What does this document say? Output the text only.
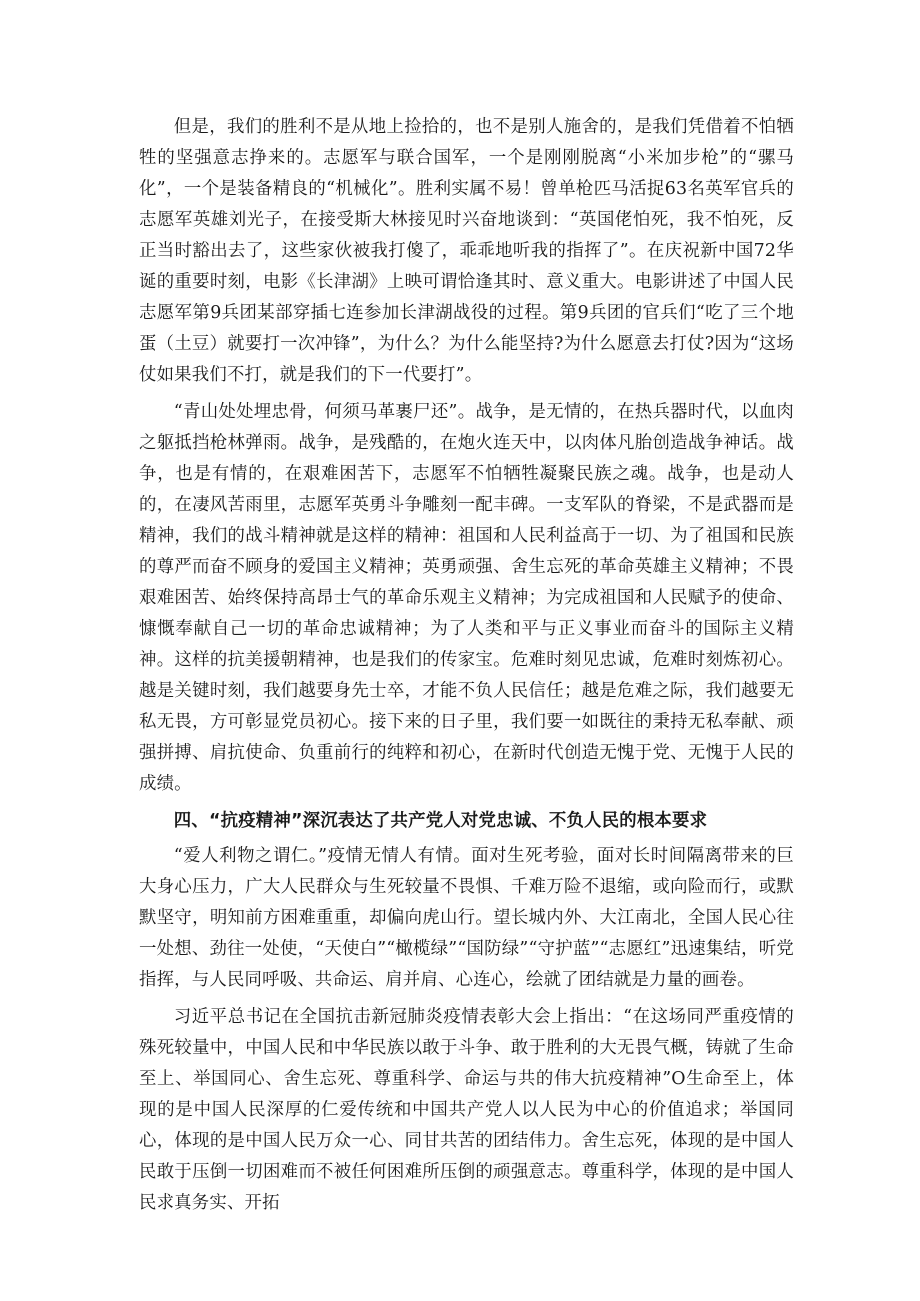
但是，我们的胜利不是从地上捡拾的，也不是别人施舍的，是我们凭借着不怕牺牲的坚强意志挣来的。志愿军与联合国军，一个是刚刚脱离“小米加步枪”的“骡马化”，一个是装备精良的“机械化”。胜利实属不易！曾单枪匹马活捉63名英军官兵的志愿军英雄刘光子，在接受斯大林接见时兴奋地谈到：“英国佬怕死，我不怕死，反正当时豁出去了，这些家伙被我打傻了，乖乖地听我的指挥了”。在庆祝新中国72华诞的重要时刻，电影《长津湖》上映可谓恰逢其时、意义重大。电影讲述了中国人民志愿军第9兵团某部穿插七连参加长津湖战役的过程。第9兵团的官兵们“吃了三个地蛋（土豆）就要打一次冲锋”，为什么？为什么能坚持?为什么愿意去打仗?因为“这场仗如果我们不打，就是我们的下一代要打”。

“青山处处埋忠骨，何须马革裹尸还”。战争，是无情的，在热兵器时代，以血肉之躯抵挡枪林弹雨。战争，是残酷的，在炮火连天中，以肉体凡胎创造战争神话。战争，也是有情的，在艰难困苦下，志愿军不怕牺牲凝聚民族之魂。战争，也是动人的，在凄风苦雨里，志愿军英勇斗争雕刻一配丰碑。一支军队的脊梁，不是武器而是精神，我们的战斗精神就是这样的精神：祖国和人民利益高于一切、为了祖国和民族的尊严而奋不顾身的爱国主义精神；英勇顽强、舍生忘死的革命英雄主义精神；不畏艰难困苦、始终保持高昂士气的革命乐观主义精神；为完成祖国和人民赋予的使命、慷慨奉献自己一切的革命忠诚精神；为了人类和平与正义事业而奋斗的国际主义精神。这样的抗美援朝精神，也是我们的传家宝。危难时刻见忠诚，危难时刻炼初心。越是关键时刻，我们越要身先士卒，才能不负人民信任；越是危难之际，我们越要无私无畏，方可彰显党员初心。接下来的日子里，我们要一如既往的秉持无私奉献、顽强拼搏、肩抗使命、负重前行的纯粹和初心，在新时代创造无愧于党、无愧于人民的成绩。

四、“抗疫精神”深沉表达了共产党人对党忠诚、不负人民的根本要求

“爱人利物之谓仁。”疫情无情人有情。面对生死考验，面对长时间隔离带来的巨大身心压力，广大人民群众与生死较量不畏惧、千难万险不退缩，或向险而行，或默默坚守，明知前方困难重重，却偏向虎山行。望长城内外、大江南北，全国人民心往一处想、劲往一处使，“天使白”“橄榄绿”“国防绿”“守护蓝”“志愿红”迅速集结，听党指挥，与人民同呼吸、共命运、肩并肩、心连心，绘就了团结就是力量的画卷。

习近平总书记在全国抗击新冠肺炎疫情表彰大会上指出：“在这场同严重疫情的殊死较量中，中国人民和中华民族以敢于斗争、敢于胜利的大无畏气概，铸就了生命至上、举国同心、舍生忘死、尊重科学、命运与共的伟大抗疫精神”O生命至上，体现的是中国人民深厚的仁爱传统和中国共产党人以人民为中心的价值追求；举国同心，体现的是中国人民万众一心、同甘共苦的团结伟力。舍生忘死，体现的是中国人民敢于压倒一切困难而不被任何困难所压倒的顽强意志。尊重科学，体现的是中国人民求真务实、开拓
